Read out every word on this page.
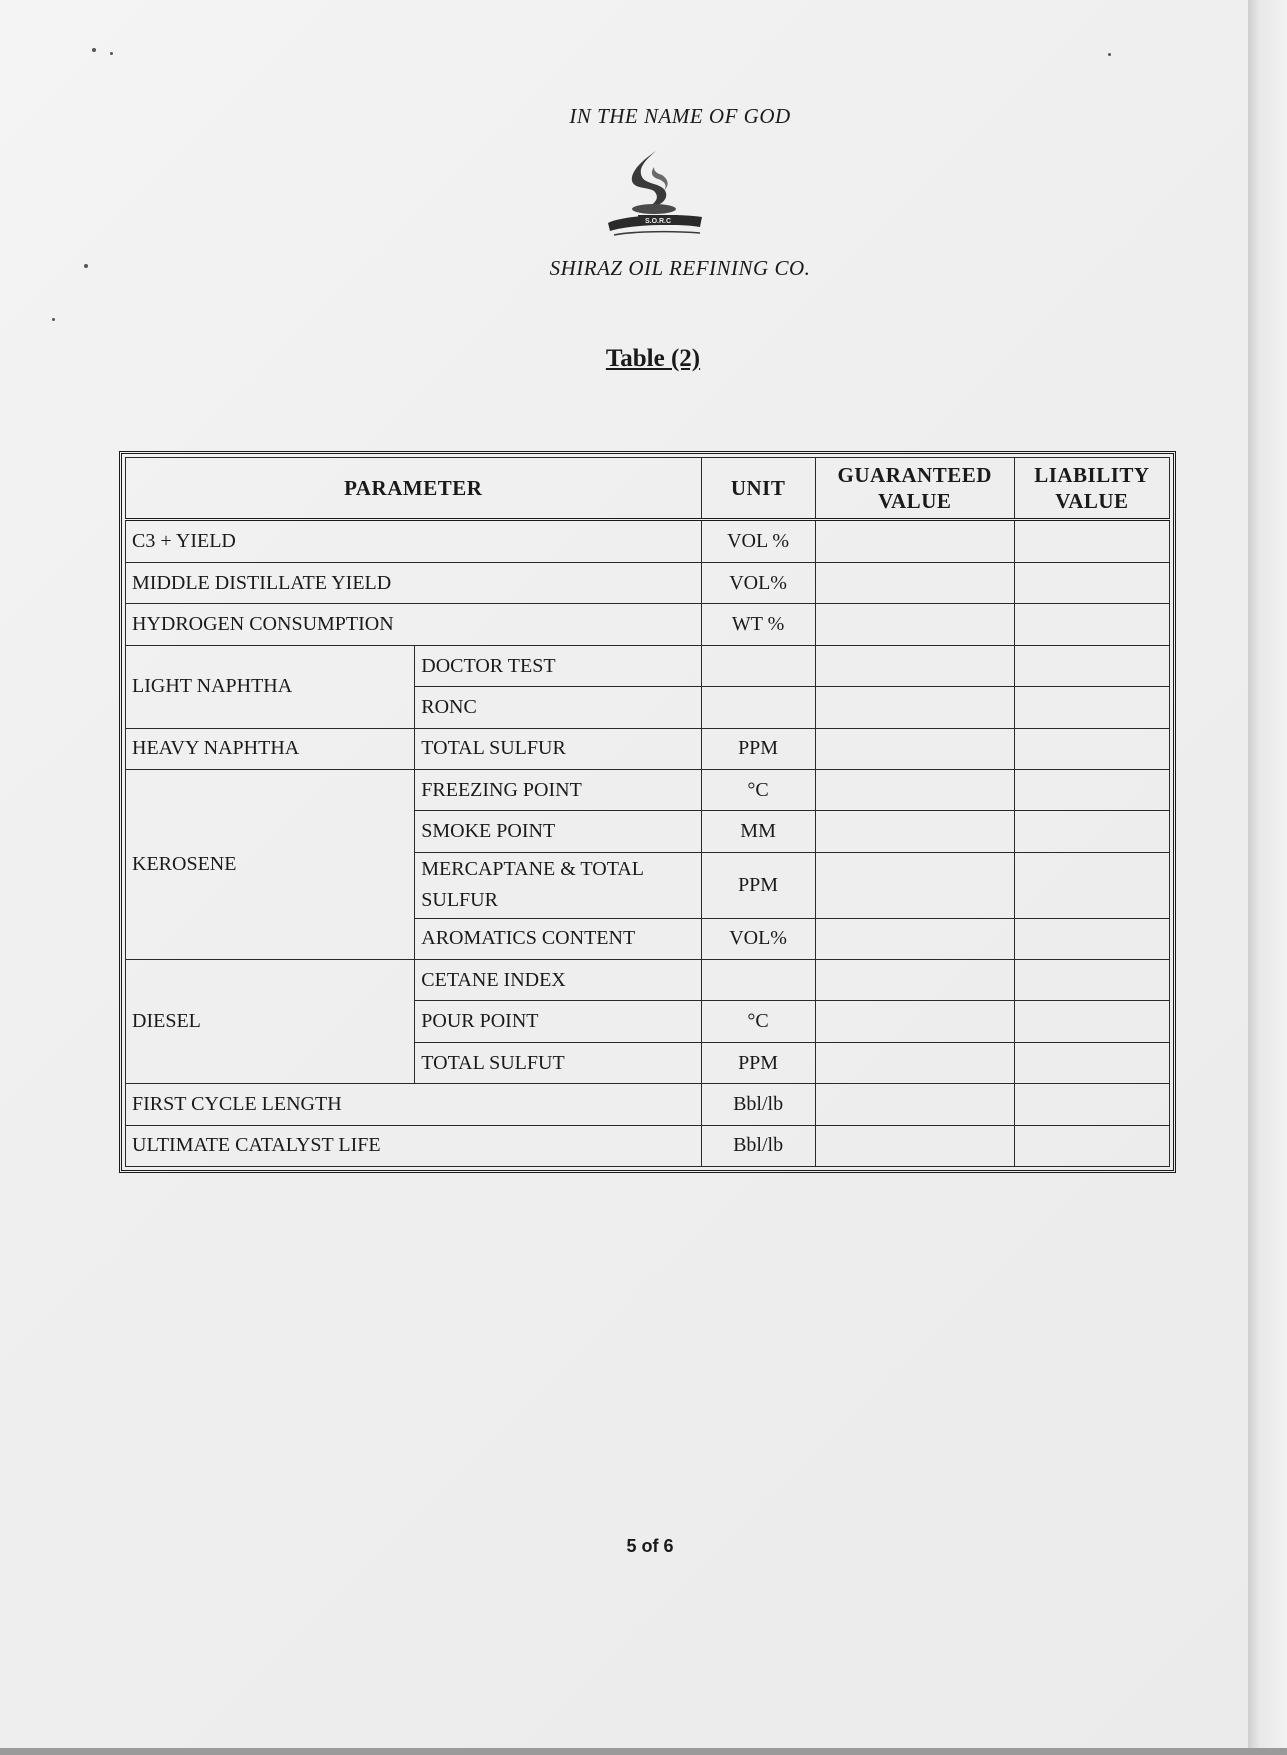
IN THE NAME OF GOD
S.O.R.C
SHIRAZ OIL REFINING CO.
Table (2)
PARAMETER		UNIT	GUARANTEED VALUE	LIABILITY VALUE
C3 + YIELD		VOL %		
MIDDLE DISTILLATE YIELD		VOL%		
HYDROGEN CONSUMPTION		WT %		
LIGHT NAPHTHA	DOCTOR TEST			
	RONC			
HEAVY NAPHTHA	TOTAL SULFUR	PPM		
KEROSENE	FREEZING POINT	°C		
	SMOKE POINT	MM		
	MERCAPTANE & TOTAL SULFUR	PPM		
	AROMATICS CONTENT	VOL%		
DIESEL	CETANE INDEX			
	POUR POINT	°C		
	TOTAL SULFUT	PPM		
FIRST CYCLE LENGTH		Bbl/lb		
ULTIMATE CATALYST LIFE		Bbl/lb		
5 of 6
